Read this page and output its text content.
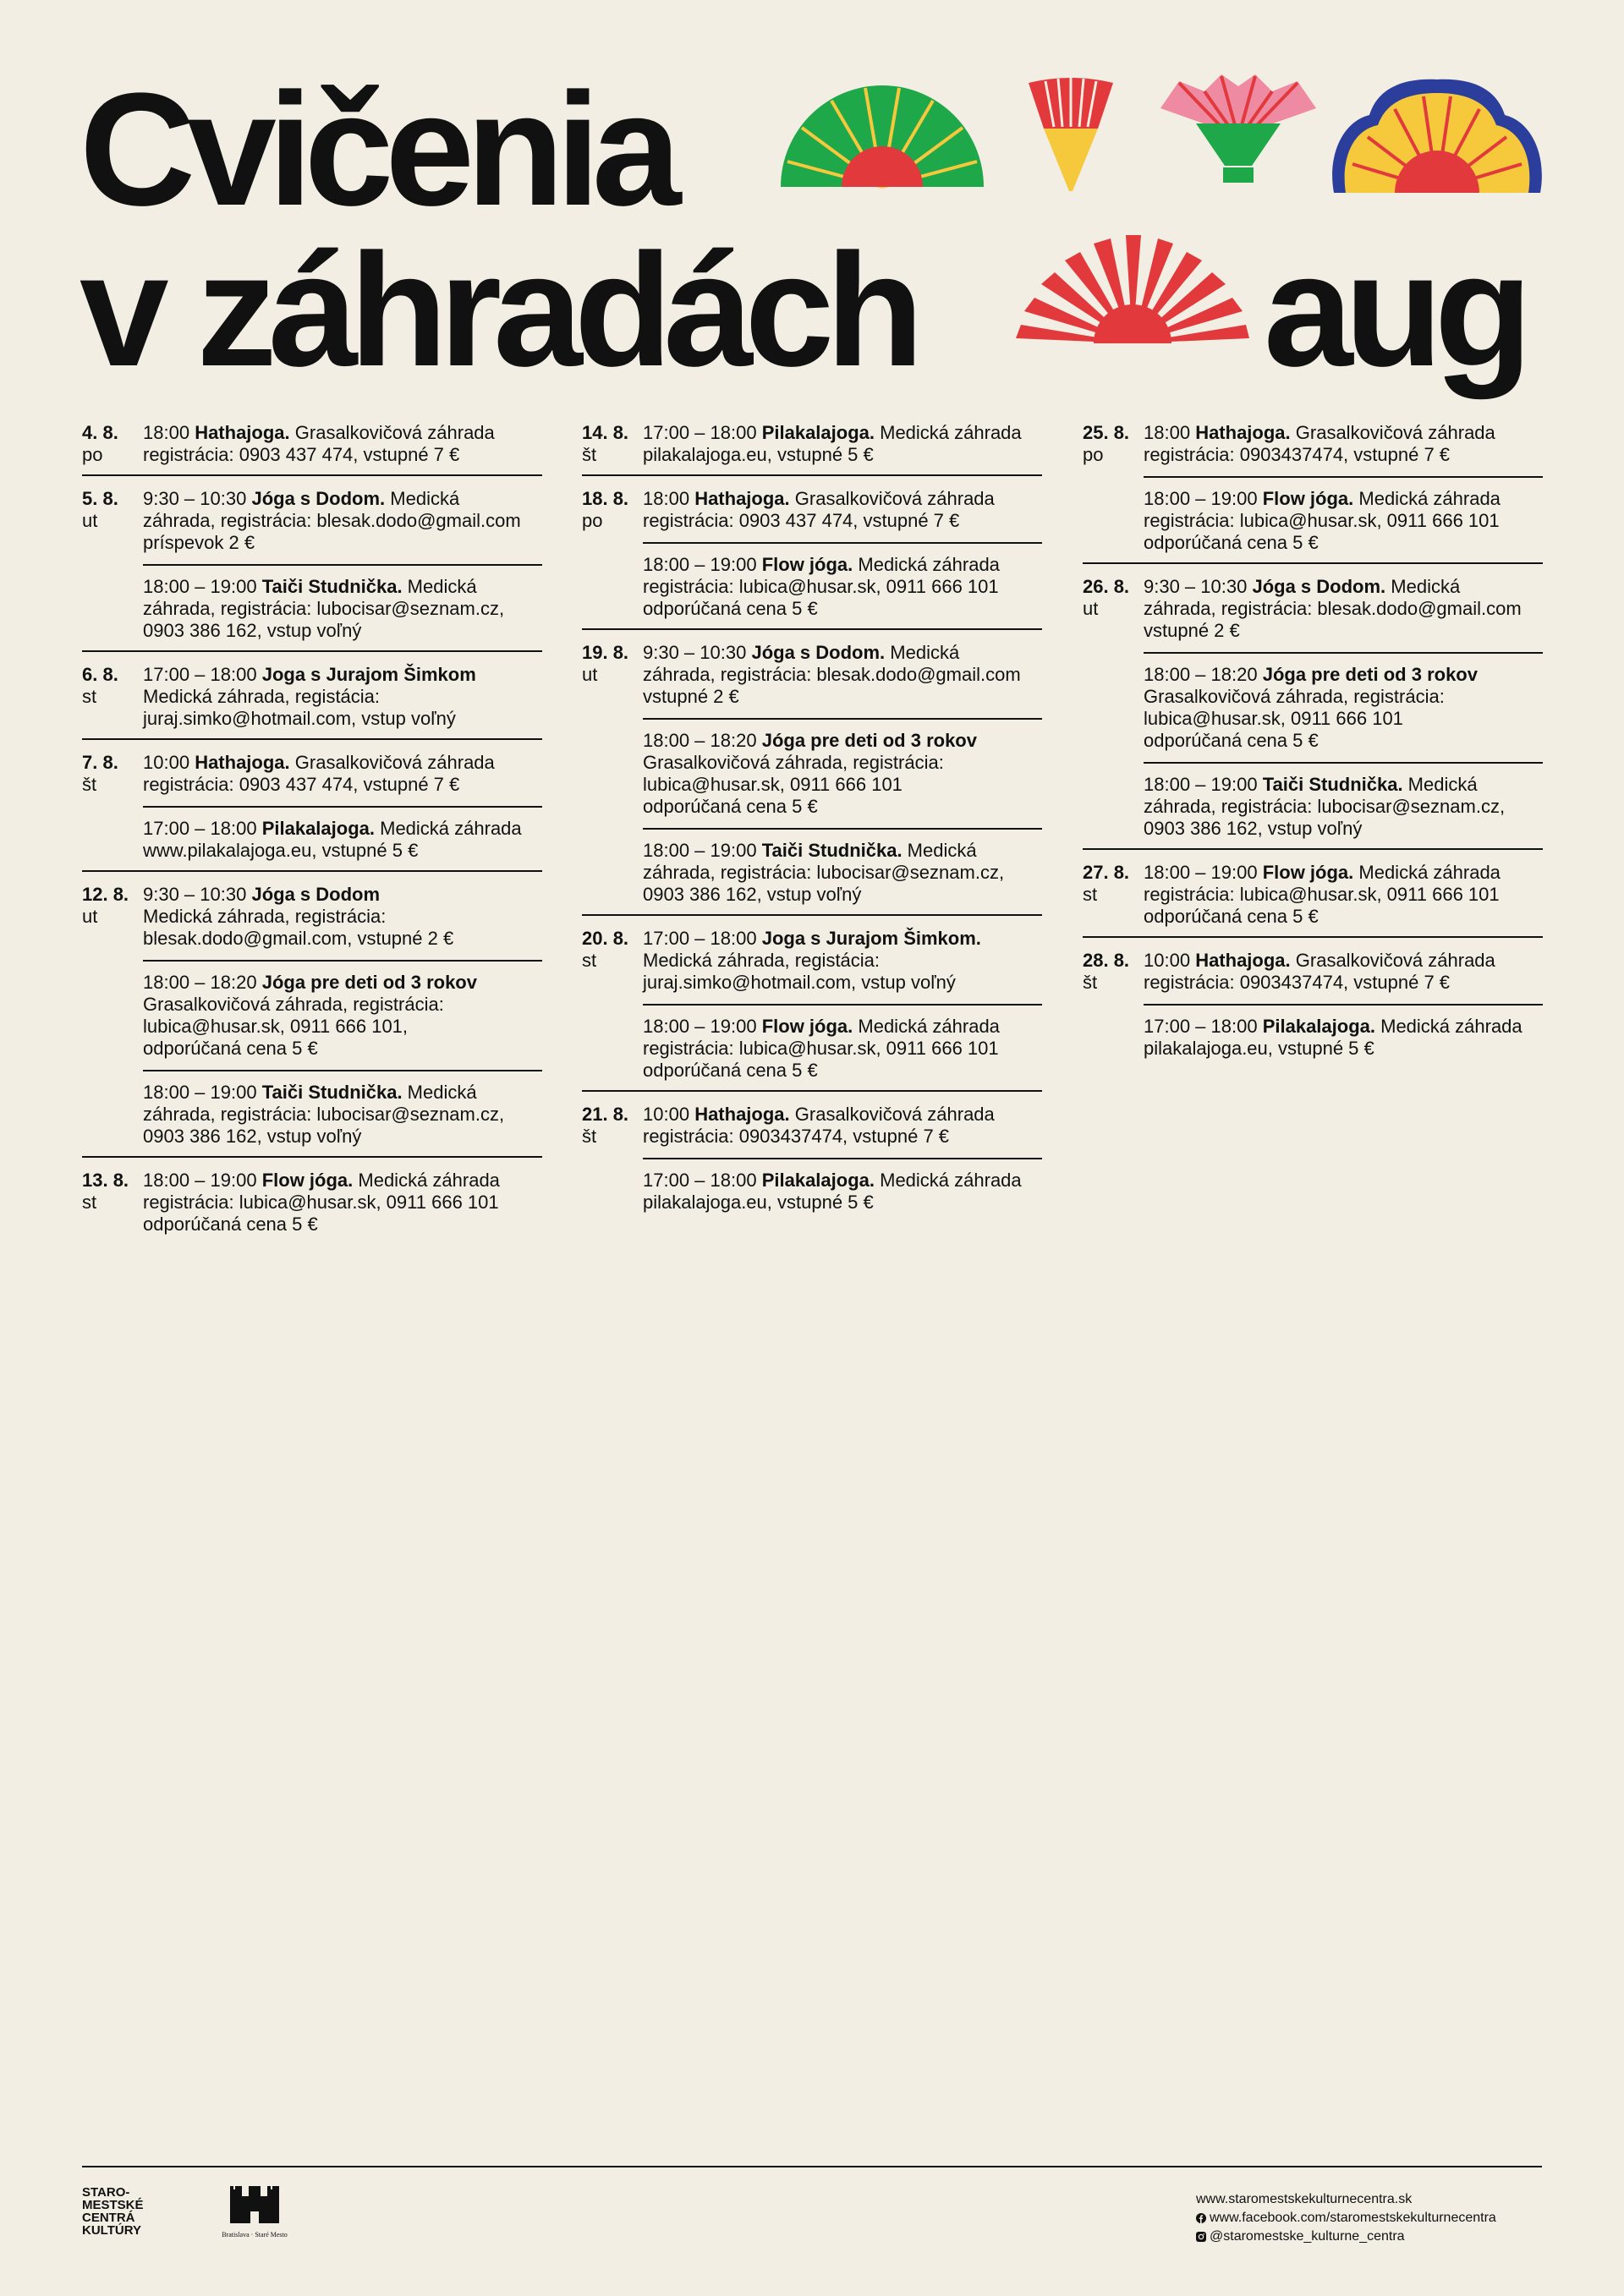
Cvičenia
v záhradách aug
4. 8.
po
18:00 Hathajoga. Grasalkovičová záhrada
registrácia: 0903 437 474, vstupné 7 €
5. 8.
ut
9:30 – 10:30 Jóga s Dodom. Medická
záhrada, registrácia: blesak.dodo@gmail.com
príspevok 2 €
18:00 – 19:00 Taiči Studnička. Medická
záhrada, registrácia: lubocisar@seznam.cz,
0903 386 162, vstup voľný
6. 8.
st
17:00 – 18:00 Joga s Jurajom Šimkom
Medická záhrada, registácia:
juraj.simko@hotmail.com, vstup voľný
7. 8.
št
10:00 Hathajoga. Grasalkovičová záhrada
registrácia: 0903 437 474, vstupné 7 €
17:00 – 18:00 Pilakalajoga. Medická záhrada
www.pilakalajoga.eu, vstupné 5 €
12. 8.
ut
9:30 – 10:30 Jóga s Dodom
Medická záhrada, registrácia:
blesak.dodo@gmail.com, vstupné 2 €
18:00 – 18:20 Jóga pre deti od 3 rokov
Grasalkovičová záhrada, registrácia:
lubica@husar.sk, 0911 666 101,
odporúčaná cena 5 €
18:00 – 19:00 Taiči Studnička. Medická
záhrada, registrácia: lubocisar@seznam.cz,
0903 386 162, vstup voľný
13. 8.
st
18:00 – 19:00 Flow jóga. Medická záhrada
registrácia: lubica@husar.sk, 0911 666 101
odporúčaná cena 5 €
14. 8.
št
17:00 – 18:00 Pilakalajoga. Medická záhrada
pilakalajoga.eu, vstupné 5 €
18. 8.
po
18:00 Hathajoga. Grasalkovičová záhrada
registrácia: 0903 437 474, vstupné 7 €
18:00 – 19:00 Flow jóga. Medická záhrada
registrácia: lubica@husar.sk, 0911 666 101
odporúčaná cena 5 €
19. 8.
ut
9:30 – 10:30 Jóga s Dodom. Medická
záhrada, registrácia: blesak.dodo@gmail.com
vstupné 2 €
18:00 – 18:20 Jóga pre deti od 3 rokov
Grasalkovičová záhrada, registrácia:
lubica@husar.sk, 0911 666 101
odporúčaná cena 5 €
18:00 – 19:00 Taiči Studnička. Medická
záhrada, registrácia: lubocisar@seznam.cz,
0903 386 162, vstup voľný
20. 8.
st
17:00 – 18:00 Joga s Jurajom Šimkom.
Medická záhrada, registácia:
juraj.simko@hotmail.com, vstup voľný
18:00 – 19:00 Flow jóga. Medická záhrada
registrácia: lubica@husar.sk, 0911 666 101
odporúčaná cena 5 €
21. 8.
št
10:00 Hathajoga. Grasalkovičová záhrada
registrácia: 0903437474, vstupné 7 €
17:00 – 18:00 Pilakalajoga. Medická záhrada
pilakalajoga.eu, vstupné 5 €
25. 8.
po
18:00 Hathajoga. Grasalkovičová záhrada
registrácia: 0903437474, vstupné 7 €
18:00 – 19:00 Flow jóga. Medická záhrada
registrácia: lubica@husar.sk, 0911 666 101
odporúčaná cena 5 €
26. 8.
ut
9:30 – 10:30 Jóga s Dodom. Medická
záhrada, registrácia: blesak.dodo@gmail.com
vstupné 2 €
18:00 – 18:20 Jóga pre deti od 3 rokov
Grasalkovičová záhrada, registrácia:
lubica@husar.sk, 0911 666 101
odporúčaná cena 5 €
18:00 – 19:00 Taiči Studnička. Medická
záhrada, registrácia: lubocisar@seznam.cz,
0903 386 162, vstup voľný
27. 8.
st
18:00 – 19:00 Flow jóga. Medická záhrada
registrácia: lubica@husar.sk, 0911 666 101
odporúčaná cena 5 €
28. 8.
št
10:00 Hathajoga. Grasalkovičová záhrada
registrácia: 0903437474, vstupné 7 €
17:00 – 18:00 Pilakalajoga. Medická záhrada
pilakalajoga.eu, vstupné 5 €
STARO-
MESTSKÉ
CENTRÁ
KULTÚRY	Bratislava · Staré Mesto
www.staromestskekulturnecentra.sk
www.facebook.com/staromestskekulturnecentra
@staromestske_kulturne_centra
